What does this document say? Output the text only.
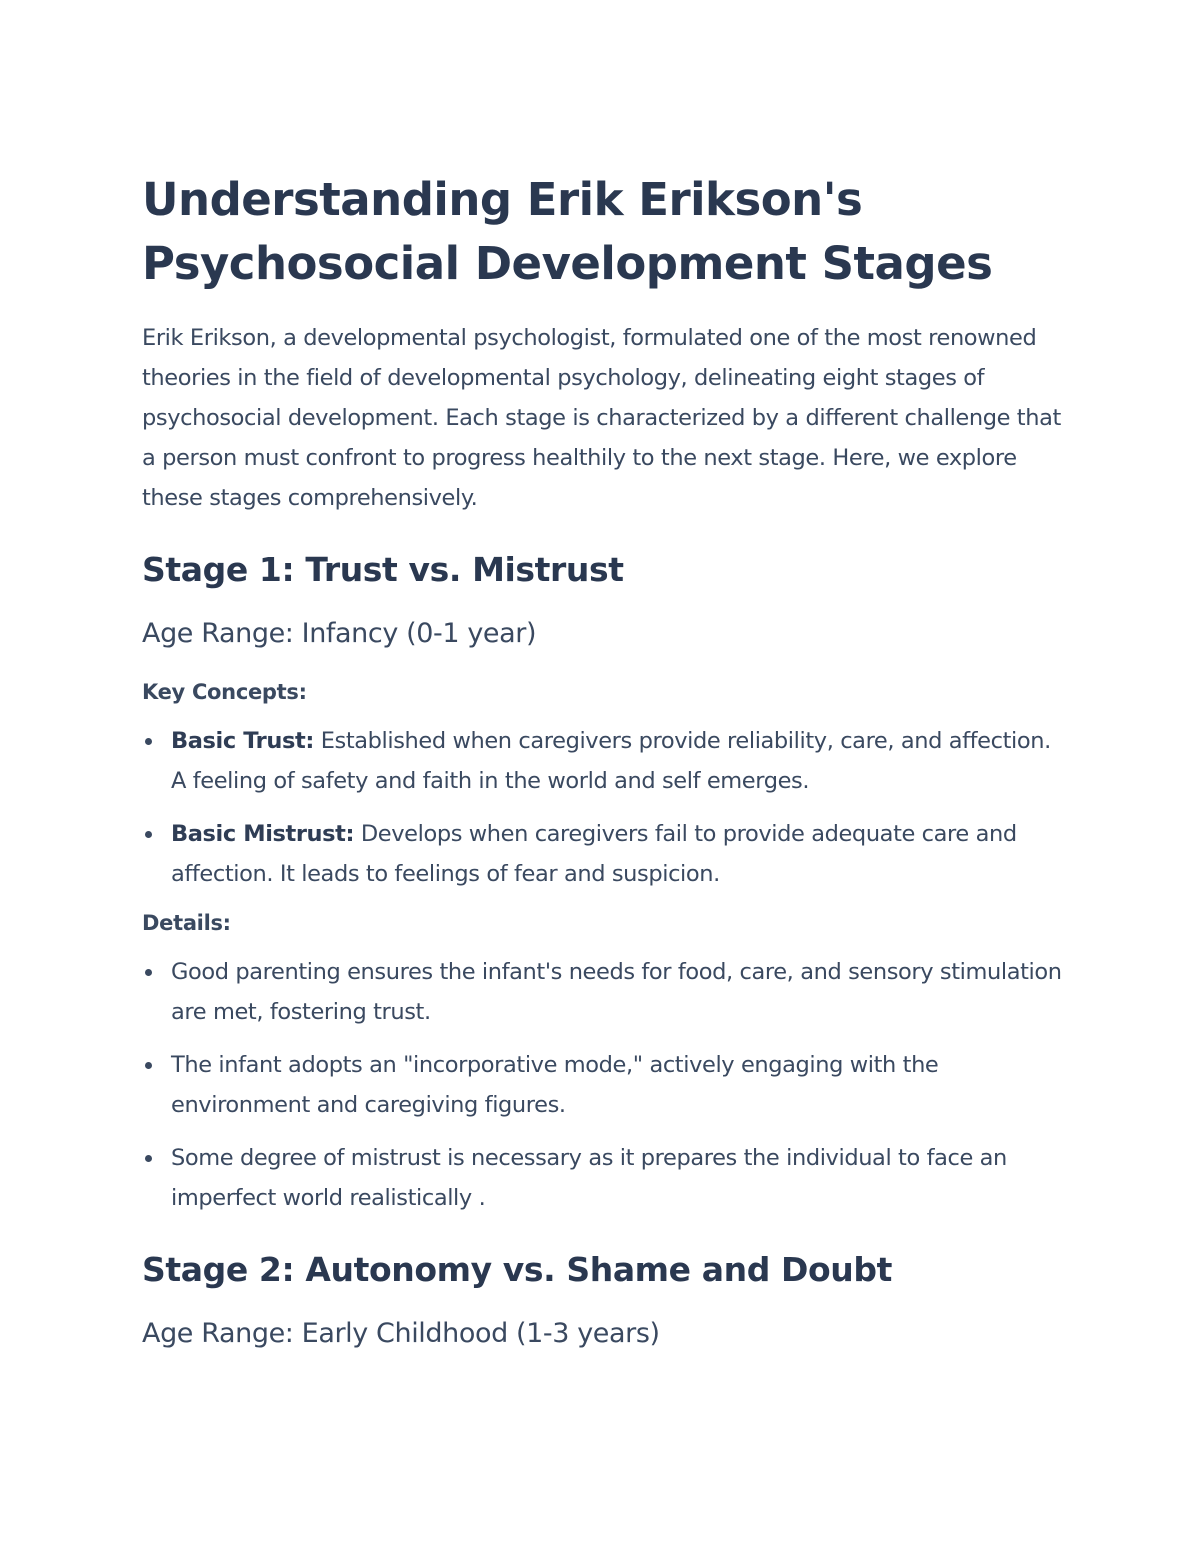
Understanding Erik Erikson's Psychosocial Development Stages

Erik Erikson, a developmental psychologist, formulated one of the most renowned theories in the field of developmental psychology, delineating eight stages of psychosocial development. Each stage is characterized by a different challenge that a person must confront to progress healthily to the next stage. Here, we explore these stages comprehensively.

Stage 1: Trust vs. Mistrust
Age Range: Infancy (0-1 year)
Key Concepts:
Basic Trust: Established when caregivers provide reliability, care, and affection. A feeling of safety and faith in the world and self emerges.
Basic Mistrust: Develops when caregivers fail to provide adequate care and affection. It leads to feelings of fear and suspicion.
Details:
Good parenting ensures the infant's needs for food, care, and sensory stimulation are met, fostering trust.
The infant adopts an "incorporative mode," actively engaging with the environment and caregiving figures.
Some degree of mistrust is necessary as it prepares the individual to face an imperfect world realistically .
Stage 2: Autonomy vs. Shame and Doubt
Age Range: Early Childhood (1-3 years)
